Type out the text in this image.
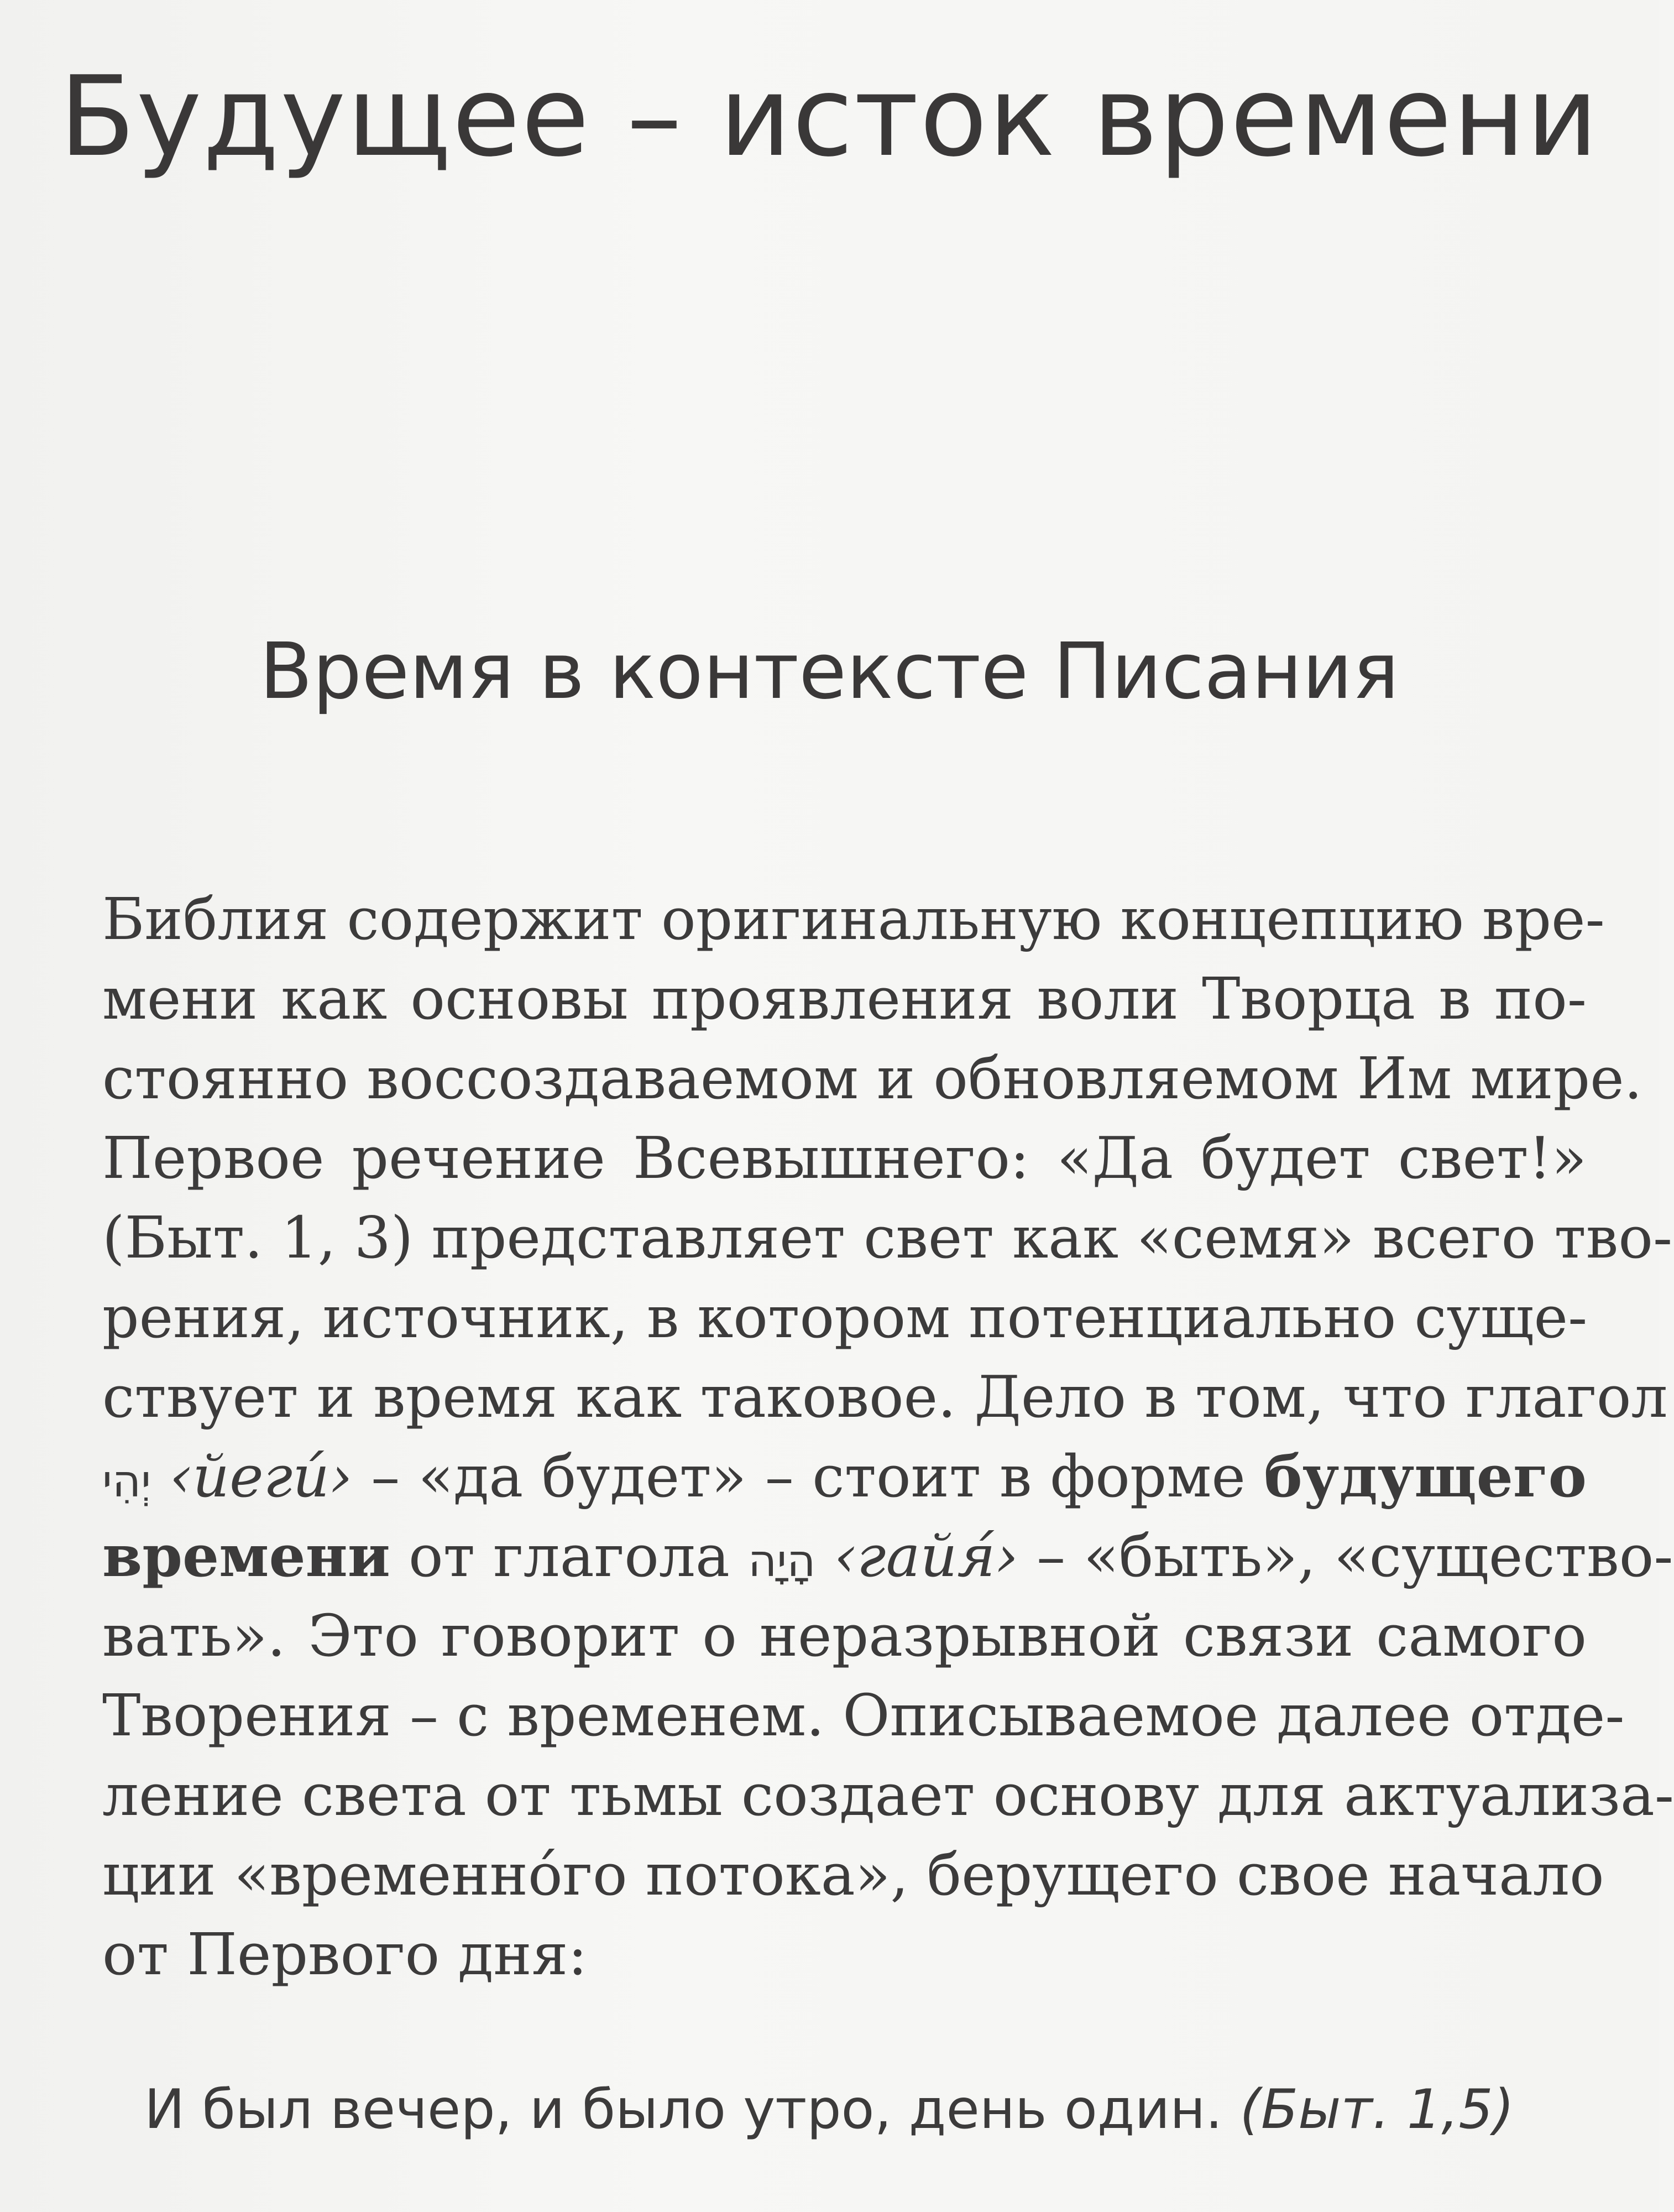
Будущее – исток времени
Время в контексте Писания
Библия содержит оригинальную концепцию вре-
мени как основы проявления воли Творца в по-
стоянно воссоздаваемом и обновляемом Им мире.
Первое речение Всевышнего: «Да будет свет!»
(Быт. 1, 3) представляет свет как «семя» всего тво-
рения, источник, в котором потенциально суще-
ствует и время как таковое. Дело в том, что глагол
יְהִי ‹йеги́› – «да будет» – стоит в форме будущего
времени от глагола הָיָה ‹гайя́› – «быть», «существо-
вать». Это говорит о неразрывной связи самого
Творения – с временем. Описываемое далее отде-
ление света от тьмы создает основу для актуализа-
ции «временно́го потока», берущего свое начало
от Первого дня:
И был вечер, и было утро, день один. (Быт. 1,5)
